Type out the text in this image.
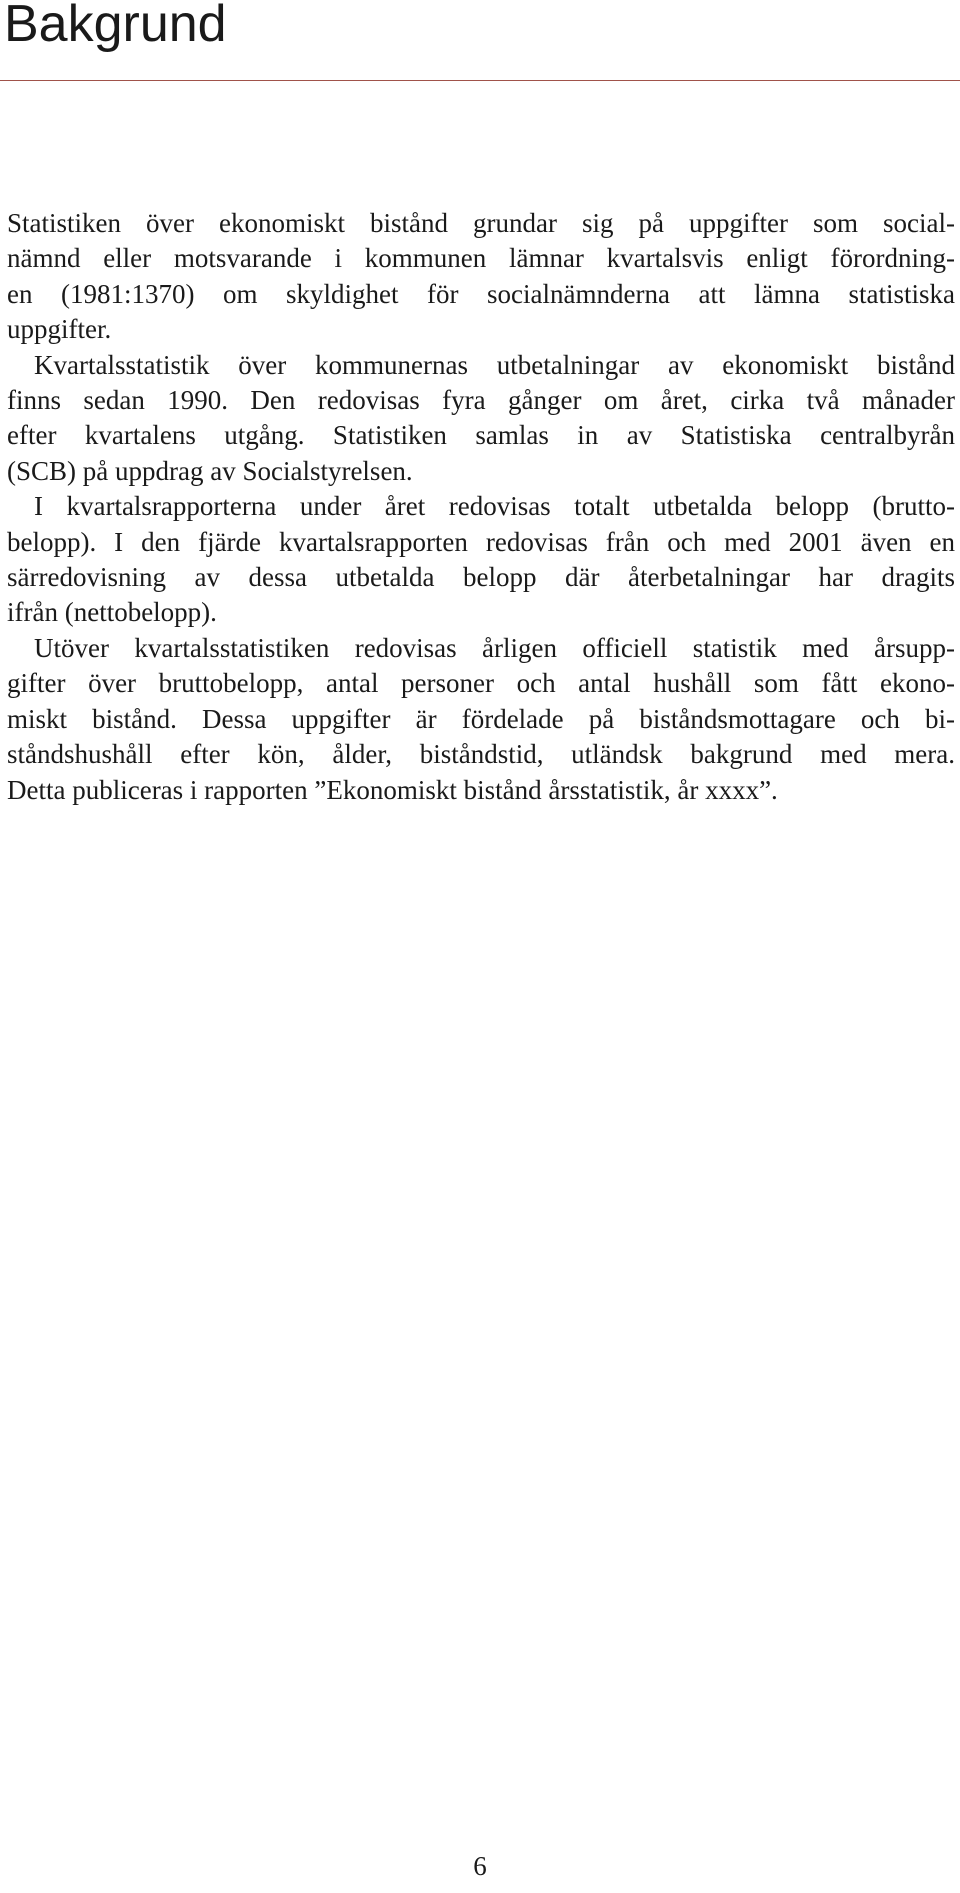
Bakgrund

Statistiken över ekonomiskt bistånd grundar sig på uppgifter som social-
nämnd eller motsvarande i kommunen lämnar kvartalsvis enligt förordning-
en (1981:1370) om skyldighet för socialnämnderna att lämna statistiska
uppgifter.

Kvartalsstatistik över kommunernas utbetalningar av ekonomiskt bistånd
finns sedan 1990. Den redovisas fyra gånger om året, cirka två månader
efter kvartalens utgång. Statistiken samlas in av Statistiska centralbyrån
(SCB) på uppdrag av Socialstyrelsen.

I kvartalsrapporterna under året redovisas totalt utbetalda belopp (brutto-
belopp). I den fjärde kvartalsrapporten redovisas från och med 2001 även en
särredovisning av dessa utbetalda belopp där återbetalningar har dragits
ifrån (nettobelopp).

Utöver kvartalsstatistiken redovisas årligen officiell statistik med årsupp-
gifter över bruttobelopp, antal personer och antal hushåll som fått ekono-
miskt bistånd. Dessa uppgifter är fördelade på biståndsmottagare och bi-
ståndshushåll efter kön, ålder, biståndstid, utländsk bakgrund med mera.
Detta publiceras i rapporten ”Ekonomiskt bistånd årsstatistik, år xxxx”.

6
